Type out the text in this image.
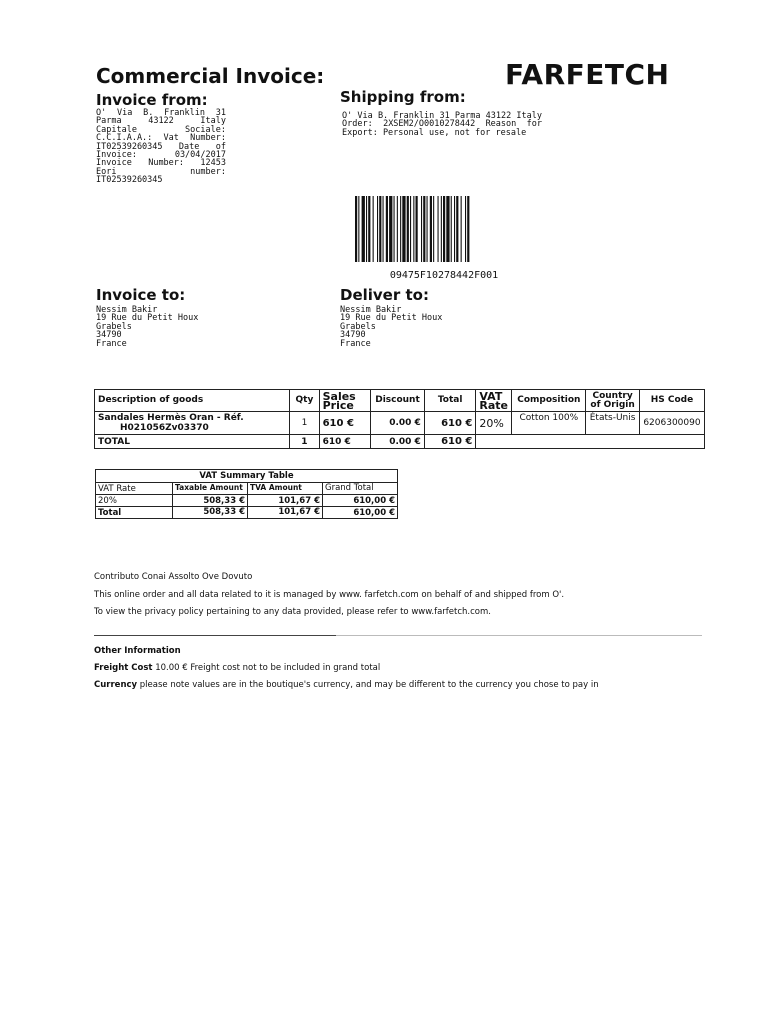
Commercial Invoice:	FARFETCH
Invoice from:
O' Via B. Franklin 31 Parma 43122 Italy Capitale Sociale: C.C.I.A.A.: Vat Number: IT02539260345 Date of Invoice: 03/04/2017 Invoice Number: 12453 Eori number: IT02539260345
Shipping from:
O' Via B. Franklin 31 Parma 43122 Italy Order: 2XSEM2/O0010278442 Reason for Export: Personal use, not for resale
09475F10278442F001
Invoice to:
Nessim Bakir
19 Rue du Petit Houx
Grabels
34790
France
Deliver to:
Nessim Bakir
19 Rue du Petit Houx
Grabels
34790
France
Description of goods	Qty	Sales Price	Discount	Total	VAT Rate	Composition	Country of Origin	HS Code

Sandales Hermès Oran - Réf.
H021056Zv03370	1	610 €	0.00 €	610 €	20%	Cotton 100%	États-Unis	6206300090
TOTAL	1	610 €	0.00 €	610 €				
VAT Summary Table			
VAT Rate	Taxable Amount	TVA Amount	Grand Total
20%	508,33 €	101,67 €	610,00 €
Total	508,33 €	101,67 €	610,00 €
Contributo Conai Assolto Ove Dovuto
This online order and all data related to it is managed by www. farfetch.com on behalf of and shipped from O'.
To view the privacy policy pertaining to any data provided, please refer to www.farfetch.com.
Other Information
Freight Cost 10.00 € Freight cost not to be included in grand total
Currency please note values are in the boutique's currency, and may be different to the currency you chose to pay in
